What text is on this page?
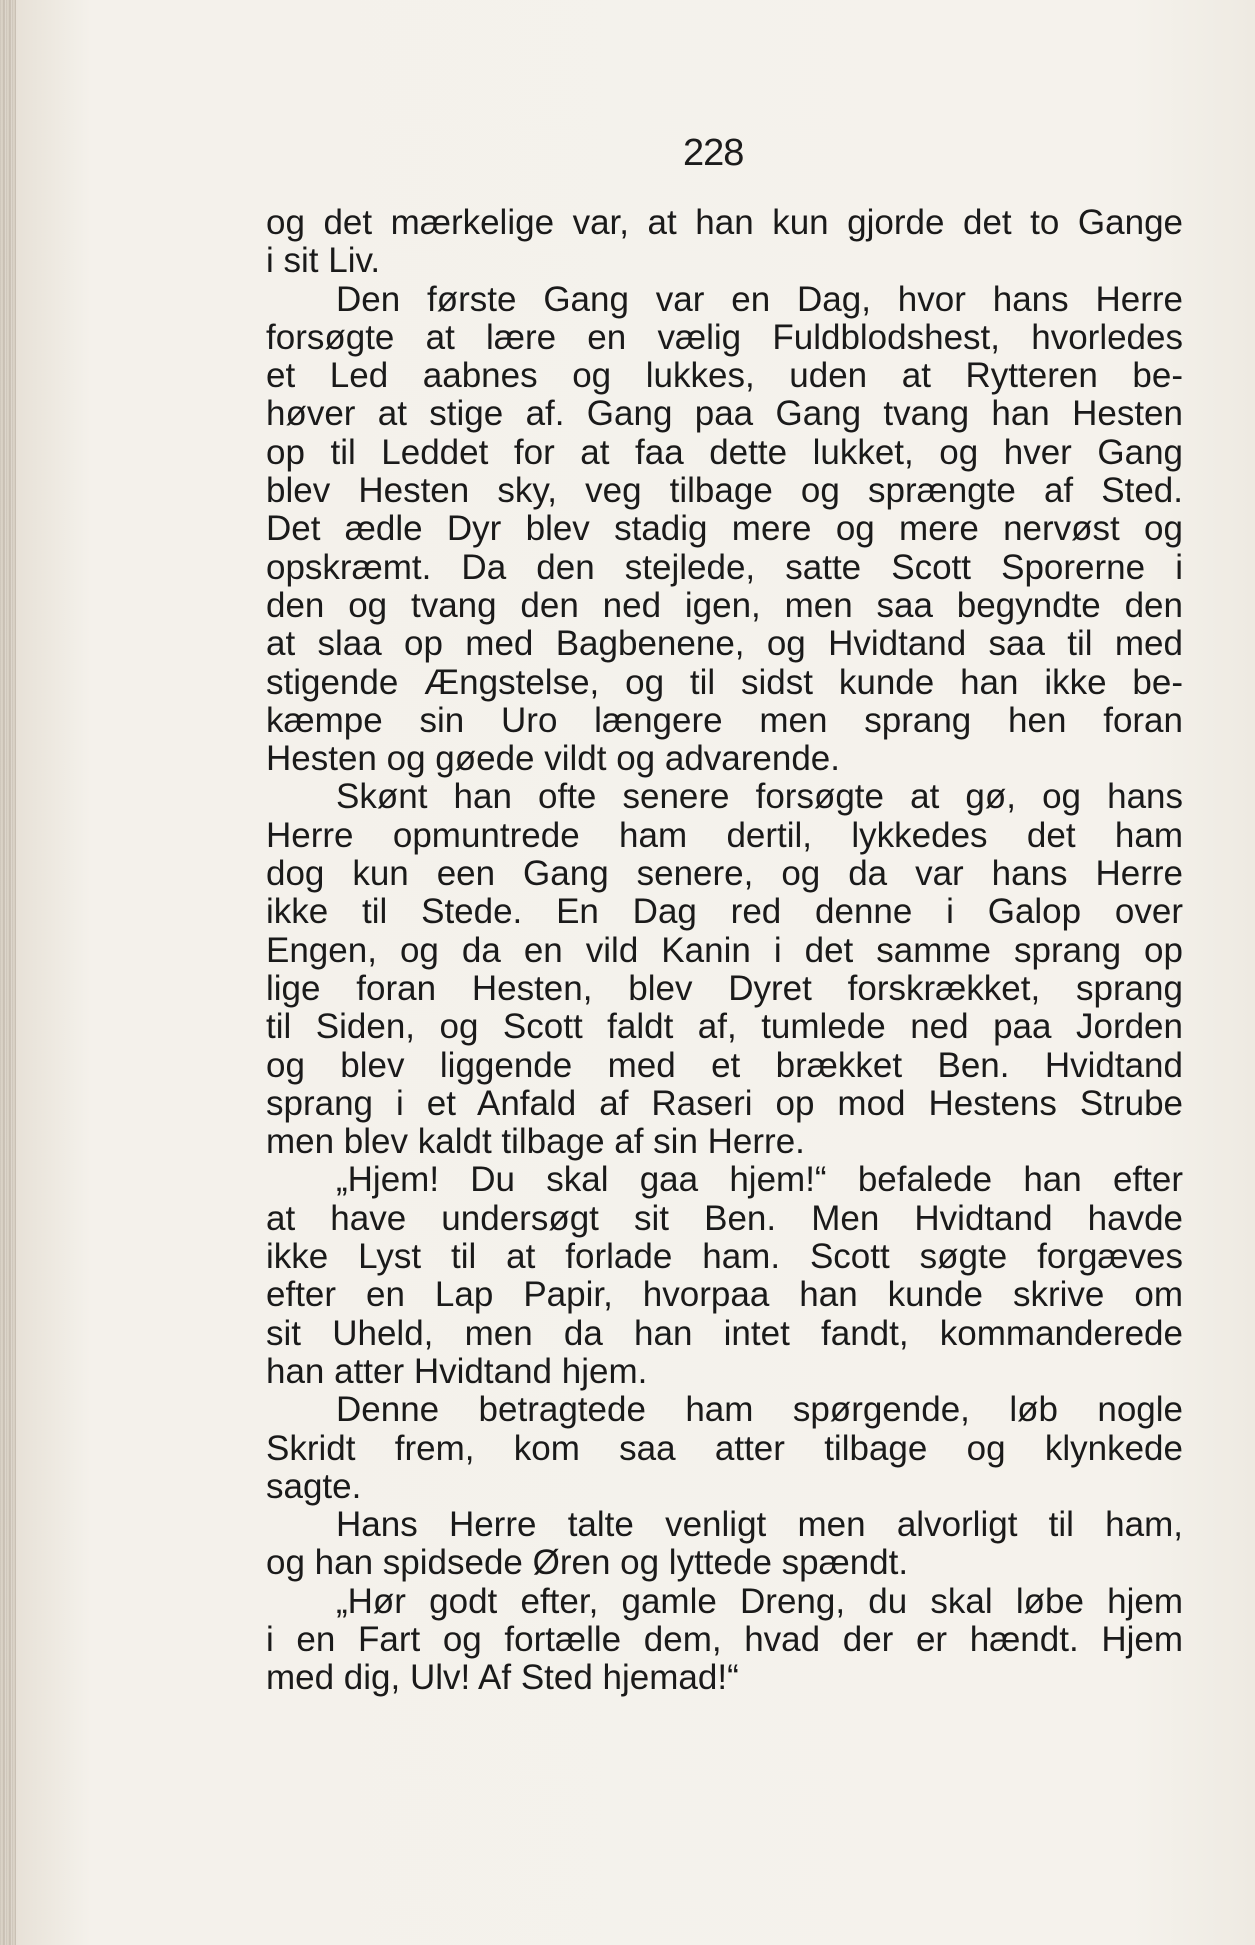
228
og det mærkelige var, at han kun gjorde det to Gange
i sit Liv.
Den første Gang var en Dag, hvor hans Herre
forsøgte at lære en vælig Fuldblodshest, hvorledes
et Led aabnes og lukkes, uden at Rytteren be-
høver at stige af. Gang paa Gang tvang han Hesten
op til Leddet for at faa dette lukket, og hver Gang
blev Hesten sky, veg tilbage og sprængte af Sted.
Det ædle Dyr blev stadig mere og mere nervøst og
opskræmt. Da den stejlede, satte Scott Sporerne i
den og tvang den ned igen, men saa begyndte den
at slaa op med Bagbenene, og Hvidtand saa til med
stigende Ængstelse, og til sidst kunde han ikke be-
kæmpe sin Uro længere men sprang hen foran
Hesten og gøede vildt og advarende.
Skønt han ofte senere forsøgte at gø, og hans
Herre opmuntrede ham dertil, lykkedes det ham
dog kun een Gang senere, og da var hans Herre
ikke til Stede. En Dag red denne i Galop over
Engen, og da en vild Kanin i det samme sprang op
lige foran Hesten, blev Dyret forskrækket, sprang
til Siden, og Scott faldt af, tumlede ned paa Jorden
og blev liggende med et brækket Ben. Hvidtand
sprang i et Anfald af Raseri op mod Hestens Strube
men blev kaldt tilbage af sin Herre.
„Hjem! Du skal gaa hjem!“ befalede han efter
at have undersøgt sit Ben. Men Hvidtand havde
ikke Lyst til at forlade ham. Scott søgte forgæves
efter en Lap Papir, hvorpaa han kunde skrive om
sit Uheld, men da han intet fandt, kommanderede
han atter Hvidtand hjem.
Denne betragtede ham spørgende, løb nogle
Skridt frem, kom saa atter tilbage og klynkede
sagte.
Hans Herre talte venligt men alvorligt til ham,
og han spidsede Øren og lyttede spændt.
„Hør godt efter, gamle Dreng, du skal løbe hjem
i en Fart og fortælle dem, hvad der er hændt. Hjem
med dig, Ulv! Af Sted hjemad!“
